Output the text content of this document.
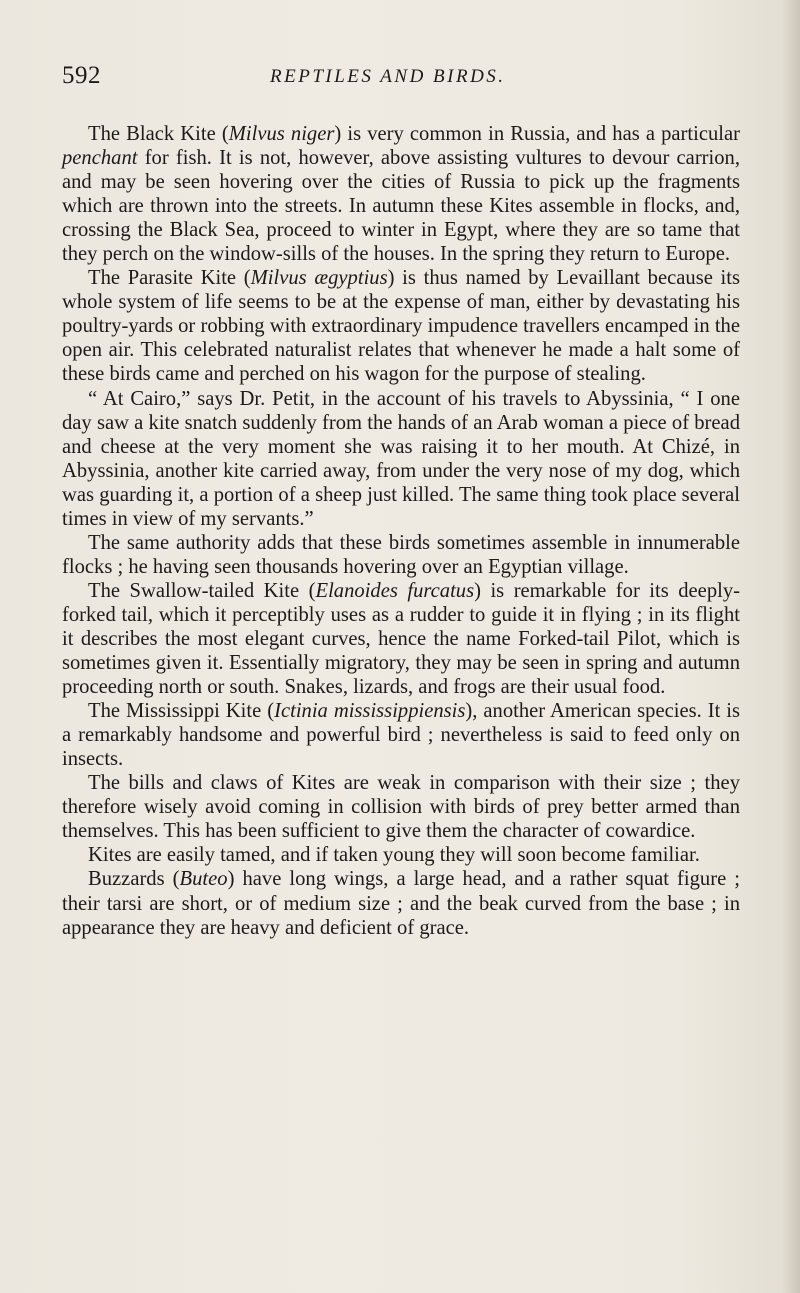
592	REPTILES AND BIRDS.

The Black Kite (Milvus niger) is very common in Russia, and has a particular penchant for fish. It is not, however, above assisting vultures to devour carrion, and may be seen hovering over the cities of Russia to pick up the fragments which are thrown into the streets. In autumn these Kites assemble in flocks, and, crossing the Black Sea, proceed to winter in Egypt, where they are so tame that they perch on the window-sills of the houses. In the spring they return to Europe.

The Parasite Kite (Milvus ægyptius) is thus named by Levaillant because its whole system of life seems to be at the expense of man, either by devastating his poultry-yards or robbing with extraordinary impudence travellers encamped in the open air. This celebrated naturalist relates that whenever he made a halt some of these birds came and perched on his wagon for the purpose of stealing.

“ At Cairo,” says Dr. Petit, in the account of his travels to Abyssinia, “ I one day saw a kite snatch suddenly from the hands of an Arab woman a piece of bread and cheese at the very moment she was raising it to her mouth. At Chizé, in Abyssinia, another kite carried away, from under the very nose of my dog, which was guarding it, a portion of a sheep just killed. The same thing took place several times in view of my servants.”

The same authority adds that these birds sometimes assemble in innumerable flocks ; he having seen thousands hovering over an Egyptian village.

The Swallow-tailed Kite (Elanoides furcatus) is remarkable for its deeply-forked tail, which it perceptibly uses as a rudder to guide it in flying ; in its flight it describes the most elegant curves, hence the name Forked-tail Pilot, which is sometimes given it. Essentially migratory, they may be seen in spring and autumn proceeding north or south. Snakes, lizards, and frogs are their usual food.

The Mississippi Kite (Ictinia mississippiensis), another American species. It is a remarkably handsome and powerful bird ; nevertheless is said to feed only on insects.

The bills and claws of Kites are weak in comparison with their size ; they therefore wisely avoid coming in collision with birds of prey better armed than themselves. This has been sufficient to give them the character of cowardice.

Kites are easily tamed, and if taken young they will soon become familiar.

Buzzards (Buteo) have long wings, a large head, and a rather squat figure ; their tarsi are short, or of medium size ; and the beak curved from the base ; in appearance they are heavy and deficient of grace.
